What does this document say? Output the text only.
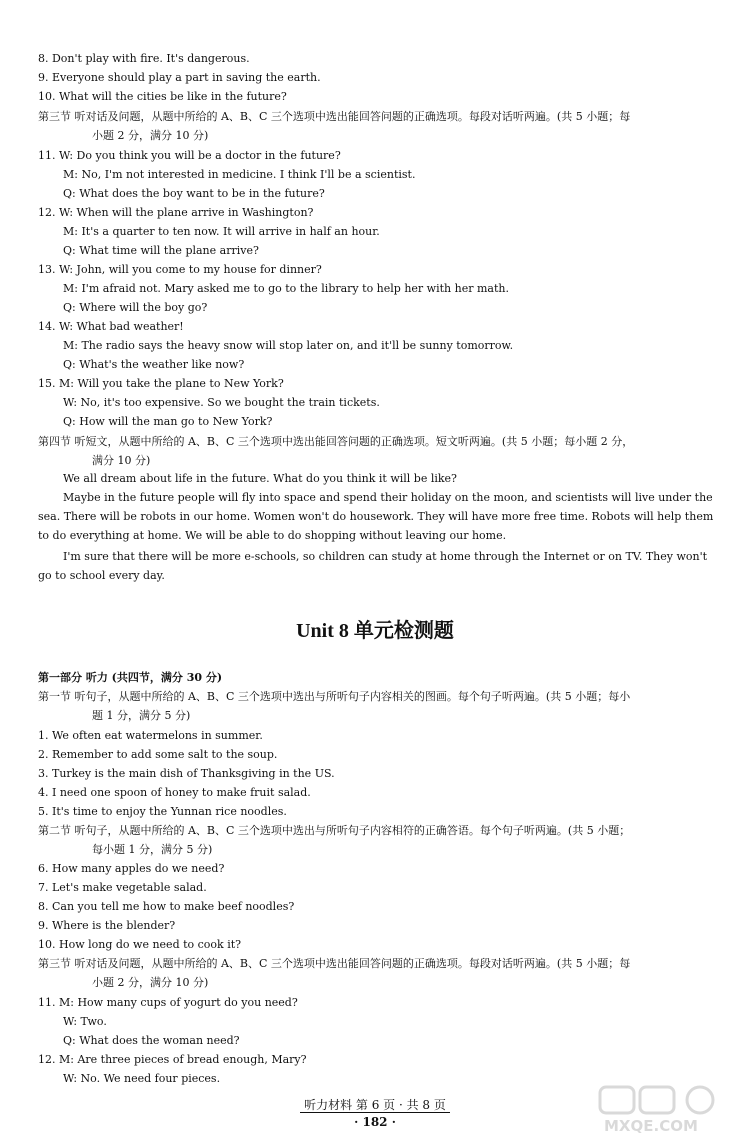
8. Don't play with fire. It's dangerous.
9. Everyone should play a part in saving the earth.
10. What will the cities be like in the future?
第三节 听对话及问题，从题中所给的 A、B、C 三个选项中选出能回答问题的正确选项。每段对话听两遍。(共 5 小题；每
小题 2 分，满分 10 分)
11. W: Do you think you will be a doctor in the future?
M: No, I'm not interested in medicine. I think I'll be a scientist.
Q: What does the boy want to be in the future?
12. W: When will the plane arrive in Washington?
M: It's a quarter to ten now. It will arrive in half an hour.
Q: What time will the plane arrive?
13. W: John, will you come to my house for dinner?
M: I'm afraid not. Mary asked me to go to the library to help her with her math.
Q: Where will the boy go?
14. W: What bad weather!
M: The radio says the heavy snow will stop later on, and it'll be sunny tomorrow.
Q: What's the weather like now?
15. M: Will you take the plane to New York?
W: No, it's too expensive. So we bought the train tickets.
Q: How will the man go to New York?
第四节 听短文，从题中所给的 A、B、C 三个选项中选出能回答问题的正确选项。短文听两遍。(共 5 小题；每小题 2 分，
满分 10 分)
We all dream about life in the future. What do you think it will be like?
Maybe in the future people will fly into space and spend their holiday on the moon, and scientists will live under the sea. There will be robots in our home. Women won't do housework. They will have more free time. Robots will help them to do everything at home. We will be able to do shopping without leaving our home.
I'm sure that there will be more e-schools, so children can study at home through the Internet or on TV. They won't go to school every day.
Unit 8 单元检测题
第一部分 听力 (共四节，满分 30 分)
第一节 听句子，从题中所给的 A、B、C 三个选项中选出与所听句子内容相关的图画。每个句子听两遍。(共 5 小题；每小
题 1 分，满分 5 分)
1. We often eat watermelons in summer.
2. Remember to add some salt to the soup.
3. Turkey is the main dish of Thanksgiving in the US.
4. I need one spoon of honey to make fruit salad.
5. It's time to enjoy the Yunnan rice noodles.
第二节 听句子，从题中所给的 A、B、C 三个选项中选出与所听句子内容相符的正确答语。每个句子听两遍。(共 5 小题；
每小题 1 分，满分 5 分)
6. How many apples do we need?
7. Let's make vegetable salad.
8. Can you tell me how to make beef noodles?
9. Where is the blender?
10. How long do we need to cook it?
第三节 听对话及问题，从题中所给的 A、B、C 三个选项中选出能回答问题的正确选项。每段对话听两遍。(共 5 小题；每
小题 2 分，满分 10 分)
11. M: How many cups of yogurt do you need?
W: Two.
Q: What does the woman need?
12. M: Are three pieces of bread enough, Mary?
W: No. We need four pieces.
听力材料 第 6 页 · 共 8 页
· 182 ·	MXQE.COM
